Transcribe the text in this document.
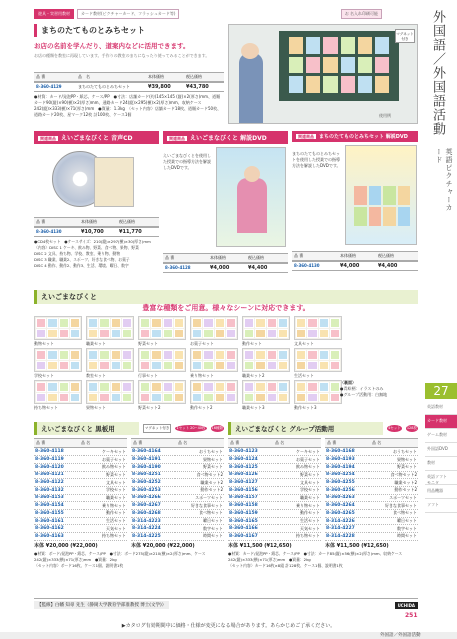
遊具・実習用教材	カード教材(ピクチャーカード、フラッシュカード等)	お 名入れ印刷可能
まちのたてものとみちセット
お店の名前を学んだり、道案内などに活用できます。
お店の種類を教室に再現しています。手作りの教室のまちになったり使ってみることができます。
品 番	品　名	本体価格	税込価格
8-360-4129	まちのたてものとみちセット	¥39,800	¥43,780
●材質：カード/発泡PP・紙芯、ケース/PP　●寸法：店舗カード(約)145×145 (縦)×2(厚さ)mm、道順カード90(縦)×90(横)×2(厚さ)mm、通路カード24(縦)×295(横)×2(厚さ)mm、収納ケース242(縦)×333(横)×71(厚さ)mm　●質量：1.3kg　〈セット内容〉店舗カード18枚、道順カード50枚、道路カード20枚、星マーク12枚 計100枚、ケース1個
マグネット付き
使用例
関連商品 えいごまなびくと 音声CD
品 番	本体価格	税込価格
8-360-4130	¥10,700	¥11,770
●CD4枚セット　●ケースサイズ：210(縦)×297(横)×30(厚さ)mm
〈内容〉DISC 1 ケーキ、飲み物、野菜、食べ物、果物、野菜
DISC 2 文具、持ち物、学校、教室、乗り物、動物
DISC 3 職業、職業2、スポーツ、好きな食べ物、お菓子
DISC 4 動作、動作2、動作3、生活、環境、曜日、数字
関連商品 えいごまなびくと 解説DVD
えいごまなびくとを使用した授業での指導方法を解説したDVDです。
品 番	本体価格	税込価格
8-360-4128	¥4,000	¥4,400
関連商品 まちのたてものとみちセット 解説DVD
まちのたてものとみちセットを使用した授業での指導方法を解説したDVDです。
品 番	本体価格	税込価格
8-360-4130	¥4,000	¥4,400
えいごまなびくと
豊富な種類をご用意。様々なシーンに対応できます。
動物セット	職業セット	野菜セット	お菓子セット	動作セット	文具セット
学校セット	教室セット	行事セット	乗り物セット	職業セット2	生活セット
持ち物セット	果物セット	野菜セット2	動作セット2	職業セット3	動作セット3
〈裏面〉
●青絵柄：イラストのみ
●グループ活動用：白無地
えいごまなびくと 黒板用	マグネット付き	1セット 20~40枚 16種類
品 番	品 名
8-360-4118	ケーキセット
8-360-4119	お菓子セット
8-360-4120	飲み物セット
8-360-4121	野菜セット
8-360-4122	文具セット
8-360-4132	学校セット
8-360-4153	職業セット
8-360-4154	乗り物セット
8-360-4155	動作セット
8-360-4161	生活セット
8-360-4162	天気セット
8-360-4163	持ち物セット
本体 ¥20,000 (¥22,000)
品 番	品 名
8-360-4164	おうちセット
8-360-4191	果物セット
8-360-4190	野菜セット
8-360-4251	食べ物セット2
8-360-4252	職業セット2
8-360-4253	動作セット2
8-360-4266	スポーツセット
8-360-4267	好きな食事セット
8-360-4268	食べ物セット
8-314-4223	曜日セット
8-314-4224	数字セット
8-314-4225	時間セット
本体 ¥20,000 (¥22,000)
●材質：ボード/発泡PP・紙芯、ケース/PP　●寸法：ボード275(縦)×210(横)×2(厚さ)mm、ケース242(縦)×333(横)×71(厚さ)mm　●質量：2kg
〈セット内容〉ボード16枚、ケース1個、説明書1枚
えいごまなびくと グループ活動用	4セット 128枚
品 番	品 名
8-360-4123	ケーキセット
8-360-4124	お菓子セット
8-360-4125	飲み物セット
8-360-4126	野菜セット
8-360-4127	文具セット
8-360-4156	学校セット
8-360-4157	職業セット
8-360-4158	乗り物セット
8-360-4159	動作セット
8-360-4165	生活セット
8-360-4166	天気セット
8-360-4167	持ち物セット
本体 ¥11,500 (¥12,650)
品 番	品 名
8-360-4168	おうちセット
8-360-4193	果物セット
8-360-4194	野菜セット
8-360-4254	食べ物セット2
8-360-4255	職業セット2
8-360-4256	動作セット2
8-360-4263	スポーツセット
8-360-4264	好きな食事セット
8-360-4265	食べ物セット
8-314-4226	曜日セット
8-314-4227	数字セット
8-314-4228	時間セット
本体 ¥11,500 (¥12,650)
●材質：カード/発泡PP・紙芯、ケース/PP　●寸法：カード85(縦)×56(横)×2(厚さ)mm、収納ケース242(縦)×333(横)×71(厚さ)mm　●質量：2kg
〈セット内容〉カード16枚×8組 計128枚、ケース1個、説明書1枚
【監修】白幡 知尋 先生（静岡大学教育学部准教授 博士(文学)）	UCHIDA
251
外国語／外国語活動
英語ピクチャーカード
27
英語教材
カード教材
ゲーム教材
外国語DVD
教材
英語ソフト
モニタ
用品機器
ソフト
▶カタログ有効期間中に価格・仕様が変更になる場合があります。あらかじめご了承ください。
外国語／外国語活動
